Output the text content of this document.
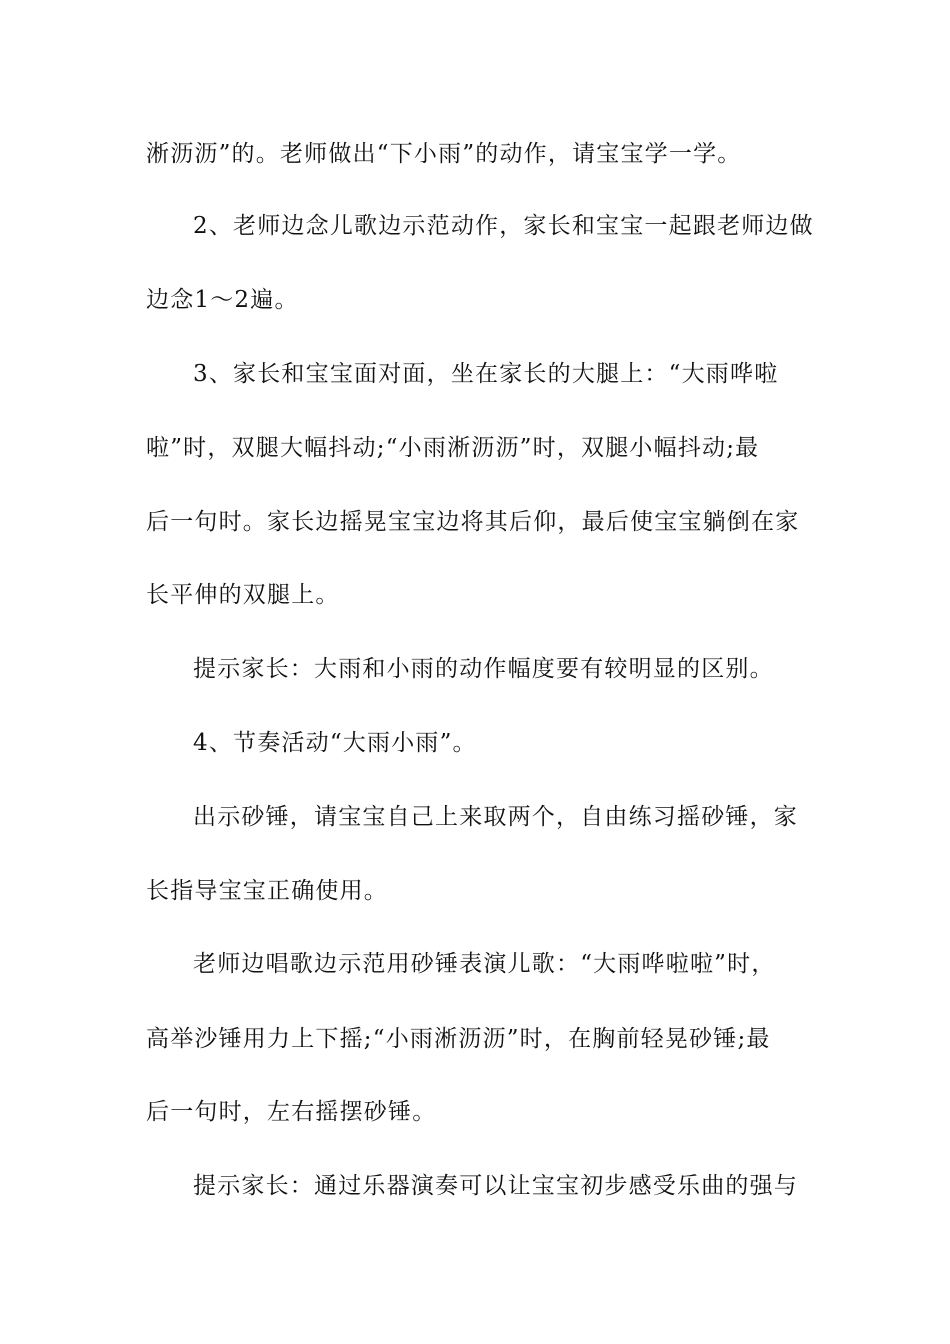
淅沥沥”的。老师做出“下小雨”的动作，请宝宝学一学。
2、老师边念儿歌边示范动作，家长和宝宝一起跟老师边做
边念1～2遍。
3、家长和宝宝面对面，坐在家长的大腿上：“大雨哗啦
啦”时，双腿大幅抖动;“小雨淅沥沥”时，双腿小幅抖动;最
后一句时。家长边摇晃宝宝边将其后仰，最后使宝宝躺倒在家
长平伸的双腿上。
提示家长：大雨和小雨的动作幅度要有较明显的区别。
4、节奏活动“大雨小雨”。
出示砂锤，请宝宝自己上来取两个，自由练习摇砂锤，家
长指导宝宝正确使用。
老师边唱歌边示范用砂锤表演儿歌：“大雨哗啦啦”时，
高举沙锤用力上下摇;“小雨淅沥沥”时，在胸前轻晃砂锤;最
后一句时，左右摇摆砂锤。
提示家长：通过乐器演奏可以让宝宝初步感受乐曲的强与
